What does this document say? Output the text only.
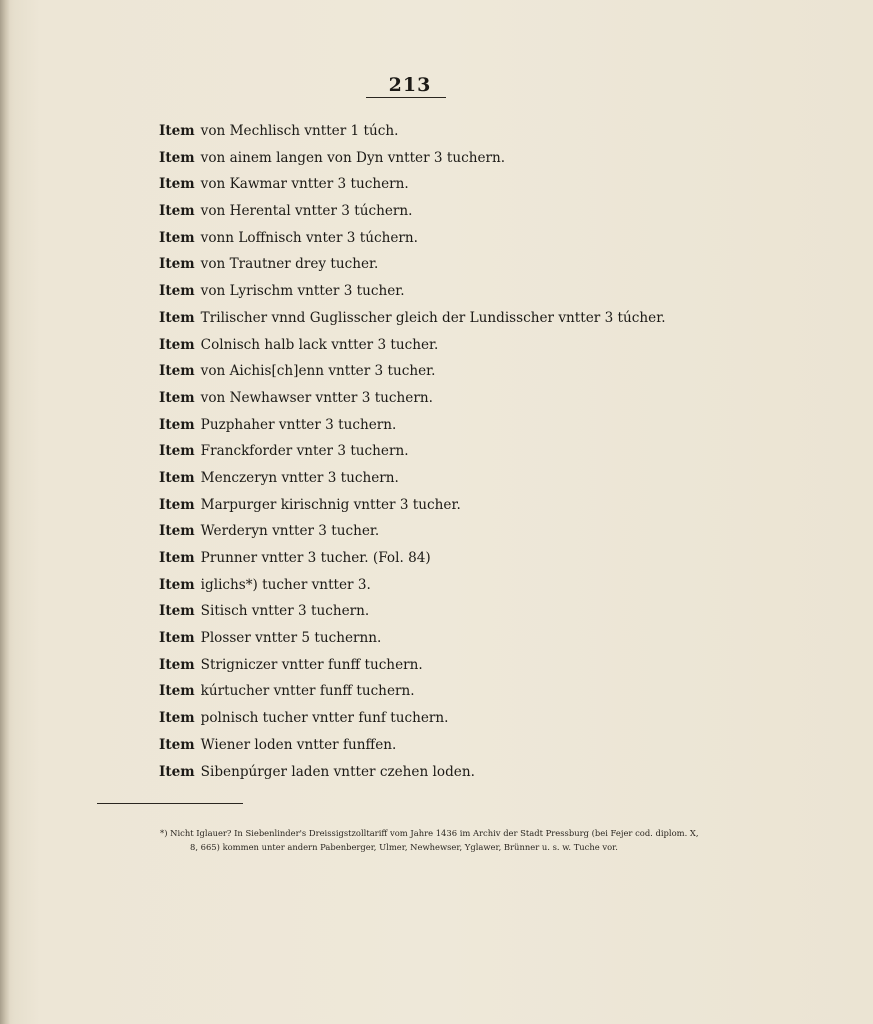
213
Item von Mechlisch vntter 1 túch.
Item von ainem langen von Dyn vntter 3 tuchern.
Item von Kawmar vntter 3 tuchern.
Item von Herental vntter 3 túchern.
Item vonn Loffnisch vnter 3 túchern.
Item von Trautner drey tucher.
Item von Lyrischm vntter 3 tucher.
Item Trilischer vnnd Guglisscher gleich der Lundisscher vntter 3 túcher.
Item Colnisch halb lack vntter 3 tucher.
Item von Aichis[ch]enn vntter 3 tucher.
Item von Newhawser vntter 3 tuchern.
Item Puzphaher vntter 3 tuchern.
Item Franckforder vnter 3 tuchern.
Item Menczeryn vntter 3 tuchern.
Item Marpurger kirischnig vntter 3 tucher.
Item Werderyn vntter 3 tucher.
Item Prunner vntter 3 tucher. (Fol. 84)
Item iglichs*) tucher vntter 3.
Item Sitisch vntter 3 tuchern.
Item Plosser vntter 5 tuchernn.
Item Strigniczer vntter funff tuchern.
Item kúrtucher vntter funff tuchern.
Item polnisch tucher vntter funf tuchern.
Item Wiener loden vntter funffen.
Item Sibenpúrger laden vntter czehen loden.
*) Nicht Iglauer? In Siebenlinder's Dreissigstzolltariff vom Jahre 1436 im Archiv der Stadt Pressburg (bei Fejer cod. diplom. X,
8, 665) kommen unter andern Pabenberger, Ulmer, Newhewser, Yglawer, Brünner u. s. w. Tuche vor.
